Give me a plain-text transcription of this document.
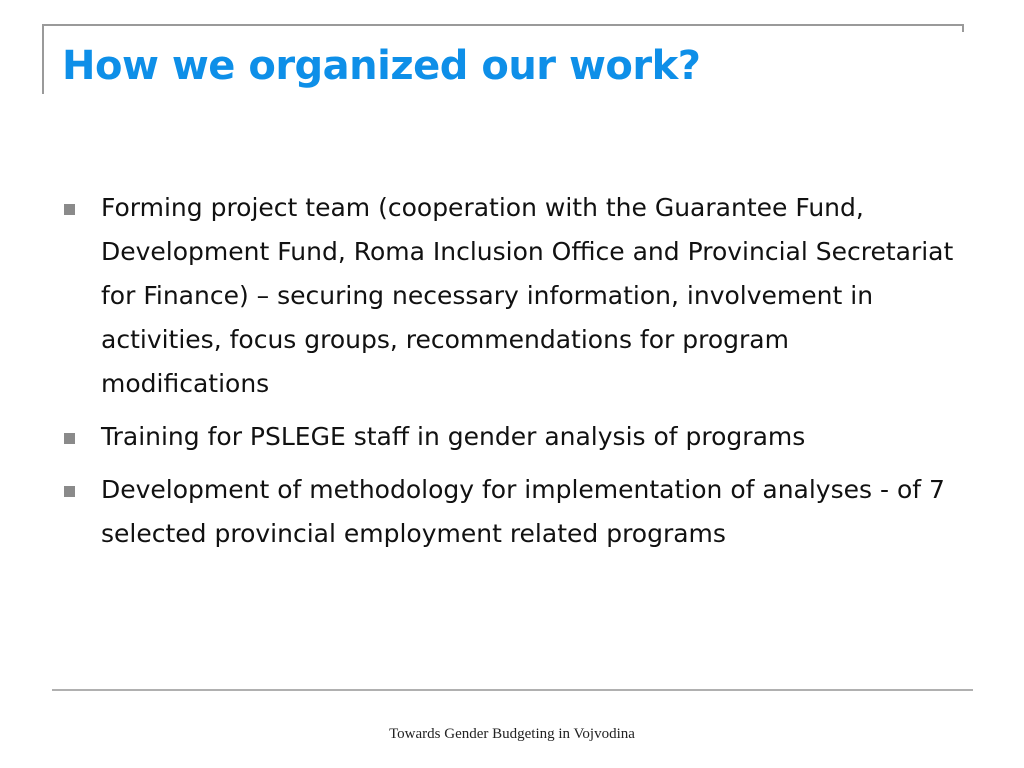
How we organized our work?
Forming project team (cooperation with the Guarantee Fund, Development Fund, Roma Inclusion Office and Provincial Secretariat for Finance) – securing necessary information, involvement in activities, focus groups, recommendations for program modifications
Training for PSLEGE staff in gender analysis of programs
Development of methodology for implementation of analyses - of 7 selected provincial employment related programs
Towards Gender Budgeting in Vojvodina
